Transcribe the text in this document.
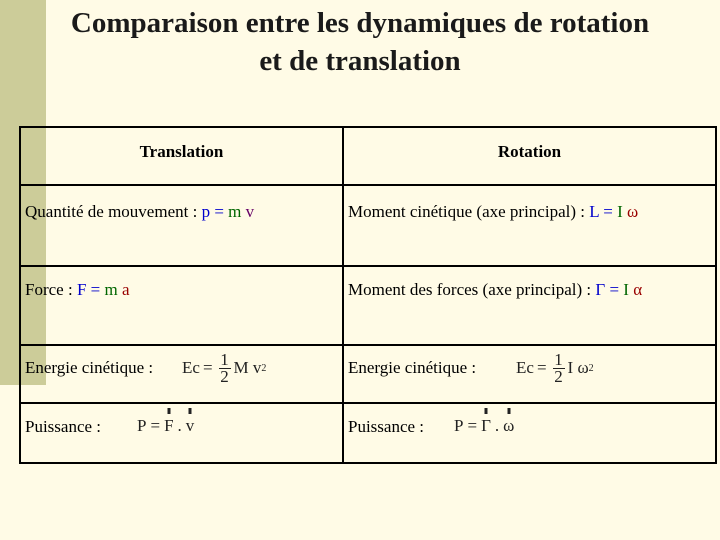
Comparaison entre les dynamiques de rotation
et de translation
Translation	Rotation
Quantité de mouvement : p = m v	Moment cinétique (axe principal) : L = I ω
Force : F = m a	Moment des forces (axe principal) : Γ = I α
Energie cinétique : $Ec = \frac{1}{2}$ M v 2	Energie cinétique : $Ec = \frac{1}{2}$ I ω 2
Puissance : P = F . v	Puissance : P = Γ . ω
